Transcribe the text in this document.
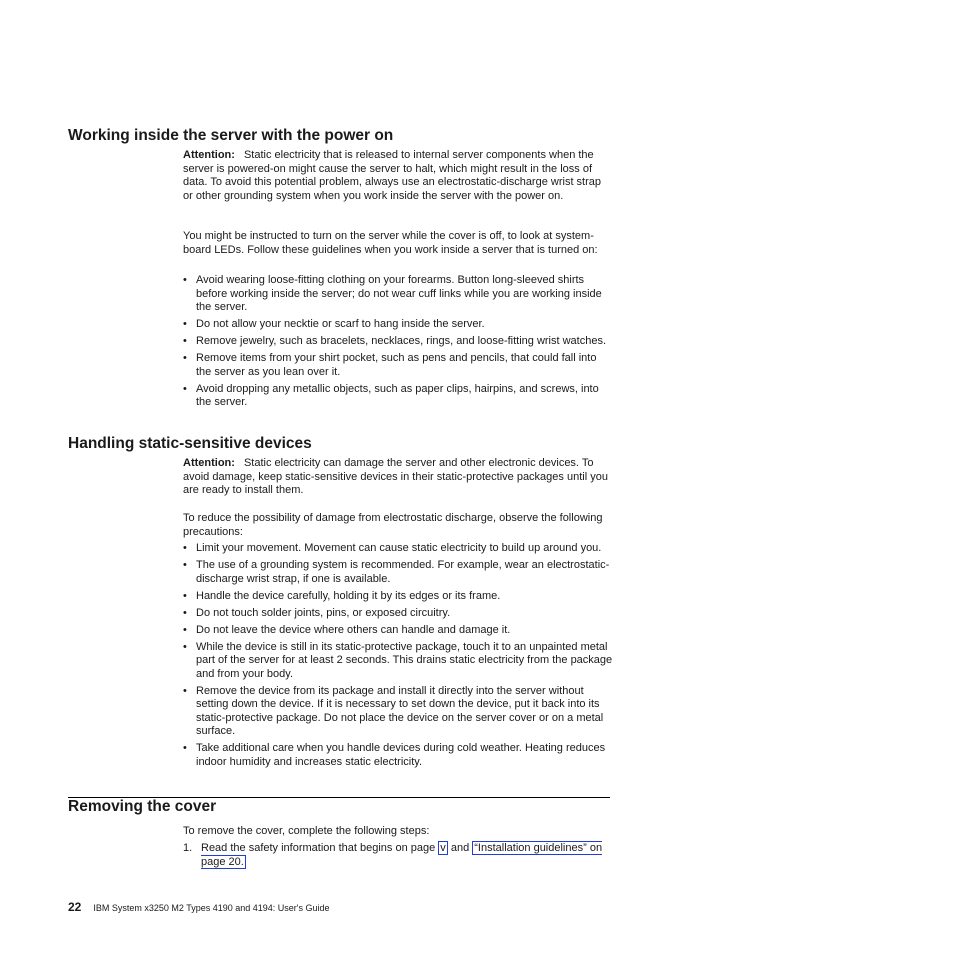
Working inside the server with the power on

Attention: Static electricity that is released to internal server components when the server is powered-on might cause the server to halt, which might result in the loss of data. To avoid this potential problem, always use an electrostatic-discharge wrist strap or other grounding system when you work inside the server with the power on.

You might be instructed to turn on the server while the cover is off, to look at system-board LEDs. Follow these guidelines when you work inside a server that is turned on:

• Avoid wearing loose-fitting clothing on your forearms. Button long-sleeved shirts before working inside the server; do not wear cuff links while you are working inside the server.
• Do not allow your necktie or scarf to hang inside the server.
• Remove jewelry, such as bracelets, necklaces, rings, and loose-fitting wrist watches.
• Remove items from your shirt pocket, such as pens and pencils, that could fall into the server as you lean over it.
• Avoid dropping any metallic objects, such as paper clips, hairpins, and screws, into the server.
Handling static-sensitive devices

Attention: Static electricity can damage the server and other electronic devices. To avoid damage, keep static-sensitive devices in their static-protective packages until you are ready to install them.

To reduce the possibility of damage from electrostatic discharge, observe the following precautions:

• Limit your movement. Movement can cause static electricity to build up around you.
• The use of a grounding system is recommended. For example, wear an electrostatic-discharge wrist strap, if one is available.
• Handle the device carefully, holding it by its edges or its frame.
• Do not touch solder joints, pins, or exposed circuitry.
• Do not leave the device where others can handle and damage it.
• While the device is still in its static-protective package, touch it to an unpainted metal part of the server for at least 2 seconds. This drains static electricity from the package and from your body.
• Remove the device from its package and install it directly into the server without setting down the device. If it is necessary to set down the device, put it back into its static-protective package. Do not place the device on the server cover or on a metal surface.
• Take additional care when you handle devices during cold weather. Heating reduces indoor humidity and increases static electricity.
Removing the cover

To remove the cover, complete the following steps:

1. Read the safety information that begins on page v and “Installation guidelines” on page 20.
22 IBM System x3250 M2 Types 4190 and 4194: User's Guide
